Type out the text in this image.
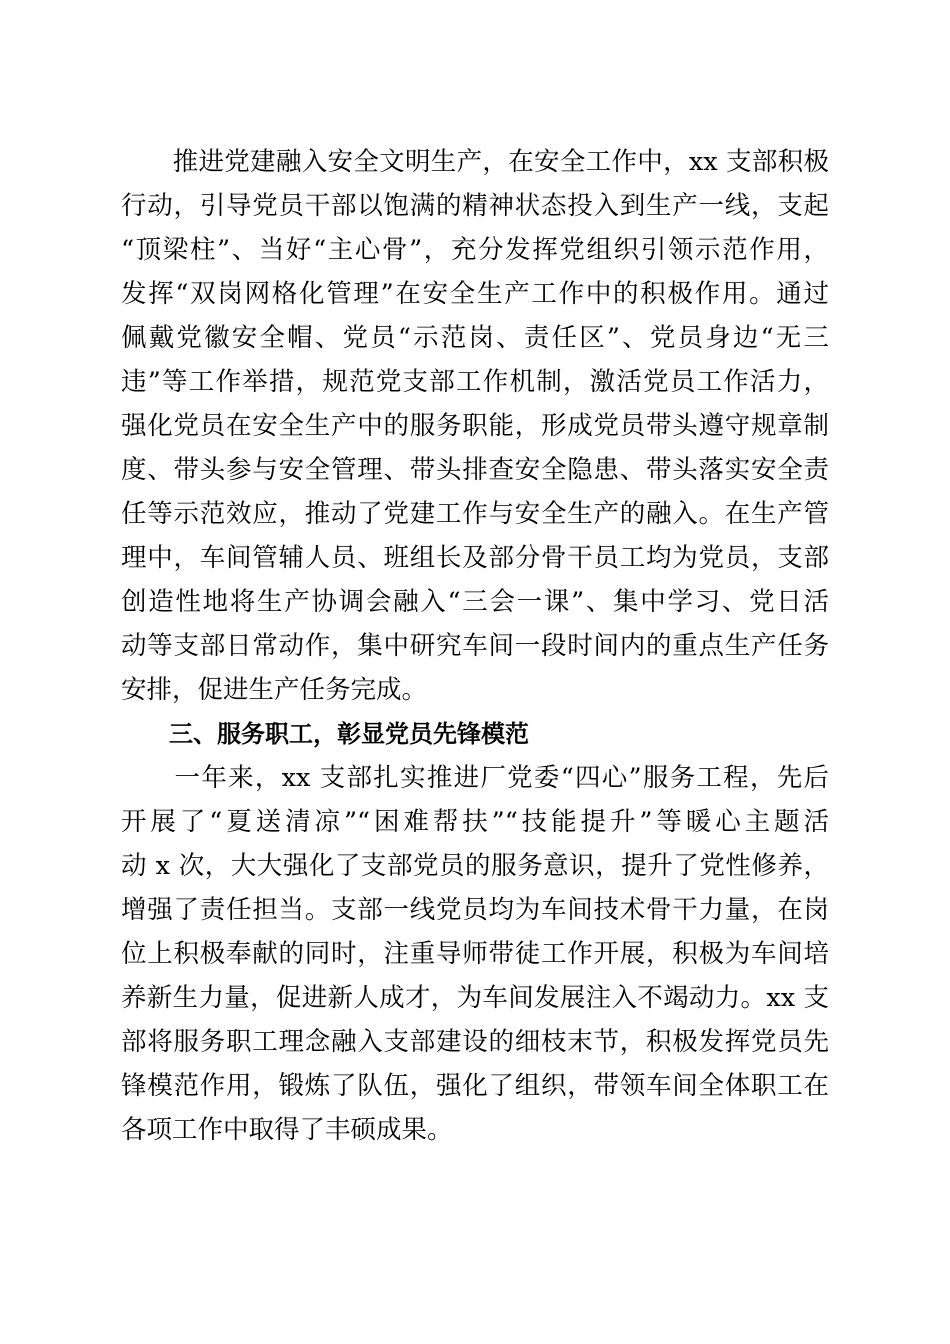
　　推进党建融入安全文明生产，在安全工作中，xx 支部积极
行动，引导党员干部以饱满的精神状态投入到生产一线，支起
“顶梁柱”、当好“主心骨”，充分发挥党组织引领示范作用，
发挥“双岗网格化管理”在安全生产工作中的积极作用。通过
佩戴党徽安全帽、党员“示范岗、责任区”、党员身边“无三
违”等工作举措，规范党支部工作机制，激活党员工作活力，
强化党员在安全生产中的服务职能，形成党员带头遵守规章制
度、带头参与安全管理、带头排查安全隐患、带头落实安全责
任等示范效应，推动了党建工作与安全生产的融入。在生产管
理中，车间管辅人员、班组长及部分骨干员工均为党员，支部
创造性地将生产协调会融入“三会一课”、集中学习、党日活
动等支部日常动作，集中研究车间一段时间内的重点生产任务
安排，促进生产任务完成。
　　三、服务职工，彰显党员先锋模范
　　一年来，xx 支部扎实推进厂党委“四心”服务工程，先后
开展了“夏送清凉”“困难帮扶”“技能提升”等暖心主题活
动 x 次，大大强化了支部党员的服务意识，提升了党性修养，
增强了责任担当。支部一线党员均为车间技术骨干力量，在岗
位上积极奉献的同时，注重导师带徒工作开展，积极为车间培
养新生力量，促进新人成才，为车间发展注入不竭动力。xx 支
部将服务职工理念融入支部建设的细枝末节，积极发挥党员先
锋模范作用，锻炼了队伍，强化了组织，带领车间全体职工在
各项工作中取得了丰硕成果。
